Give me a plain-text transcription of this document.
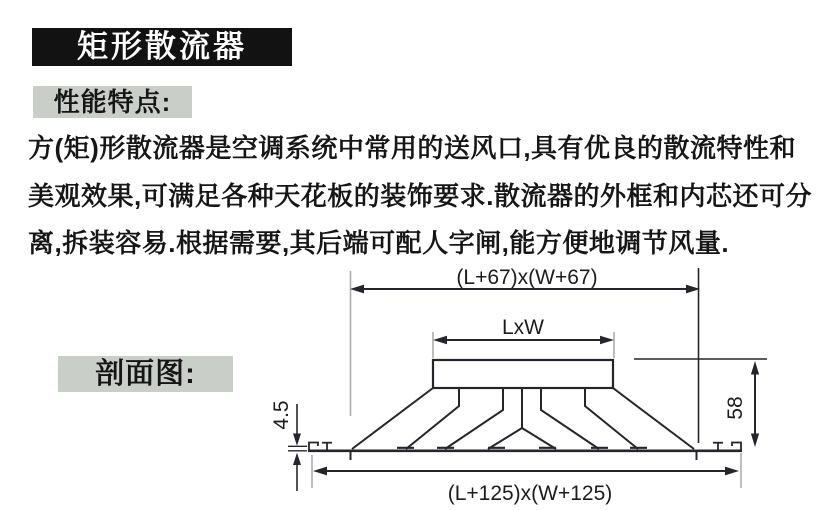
矩形散流器
性能特点:
方(矩)形散流器是空调系统中常用的送风口,具有优良的散流特性和
美观效果,可满足各种天花板的装饰要求.散流器的外框和内芯还可分
离,拆装容易.根据需要,其后端可配人字闸,能方便地调节风量.
剖面图:
(L+67)x(W+67)
LxW
4.5	58
(L+125)x(W+125)
